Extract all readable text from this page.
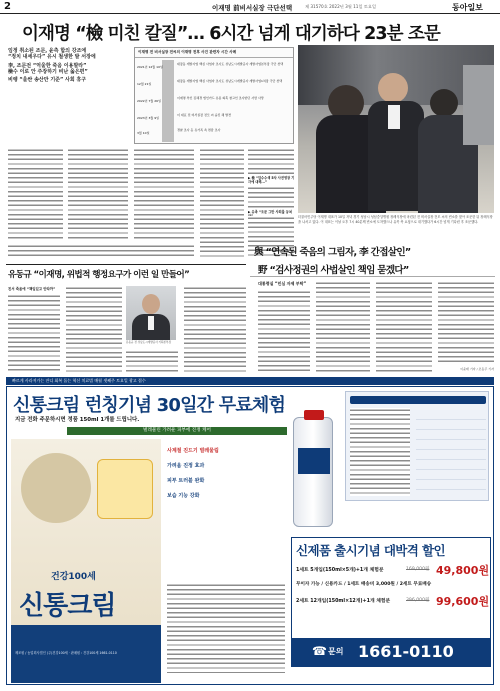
2	이재명 前비서실장 극단선택	제 31570호 2022년 3월 11일 토요일	동아일보
이재명 “檢 미친 칼질”… 6시간 넘게 대기하다 23분 조문
임정 취소된 조문, 윤측 합의 강조에
“정치 내세우다” 유시 철생한 발 서장에
李, 조문전 “억울한 죽음 이용말라”
檢수 이로 안 주장하기 비난 옳은편”
비렝 “울싼 송산만 기준” 사회 휴구
이재명 전 비서실장 전씨의 이재명 전후 사건 관련자 시간 사례
2021년 12월 10일
대장동 개발사업 핵심 사업자 조사도 성남도시개발공사 개발사업본부장 극단 선택
12월 21일
대장동 개발사업 핵심 사업자 조사도 성남도시개발공사 개발사업1처장 극단 선택
2022년 7월 26일
이재명 부인 김혜경 법인카드 유용 의혹 참고인 조사받던 사람 사망
2023년 3월 9일
이 대표 전 비서실장 전모 씨 숨진 채 발견
3월 10일
경찰 조사 등 유가족 측 면담 조사
더불어민주당 이재명 대표가 10일 저녁 경기 성남시 성남중앙병원 장례식장에 마련된 전 비서실장 전모 씨의 빈소를 찾아 조문한 뒤 장례식장을 나서고 있다. 이 대표는 이날 오후 7시 40분께 빈소에 도착했으나 유족 측 요청으로 대기했다가 6시간 넘게 기다린 후 조문했다.
▶ 檢 “압수수색 5차 사전영장 기각에 대해...”
▶ 유족 “조문 그만 사퇴를 등쳐
與 “연속된 죽음의 그림자, 李 간접살인”
野 “검사정권의 사법살인 책임 묻겠다”
대통령실 “민심 자제 부탁”
이윤태 기자 / 조동주 기자
유동규 “이재명, 위법적 행정요구가 이런 일 만들어”
친서 죽음에 “책임있고 안타까”
유동규 전 성남도시개발공사 기획본부장
빠르게 사라져가는 잔디 회복 돕는 혁신 치료법 매월 셋째주 토요일 광고 접수
신통크림 런칭기념 30일간 무료체험
지금 전화 주문하시면 정품 150ml 1개를 드립니다.
벌레물린 가려운 피부에 진정 케어
건강100세
신통크림
제조원 / 농업회사법인 (주)건강100세 · 판매원 : 건강100세 1661-0110
사계절 진드기 벌레물림
가려움 진정 효과
피부 트러블 완화
보습 기능 강화
신제품 출시기념 대박격 할인
1세트 5개입(150ml×5개)+1개 체험분	169,000원 49,800원
무이자 가능 / 신용카드 / 1세트 배송비 3,000원 / 2세트 무료배송
2세트 12개입(150ml×12개)+1개 체험분	396,000원 99,600원
☎ 문의 1661-0110
